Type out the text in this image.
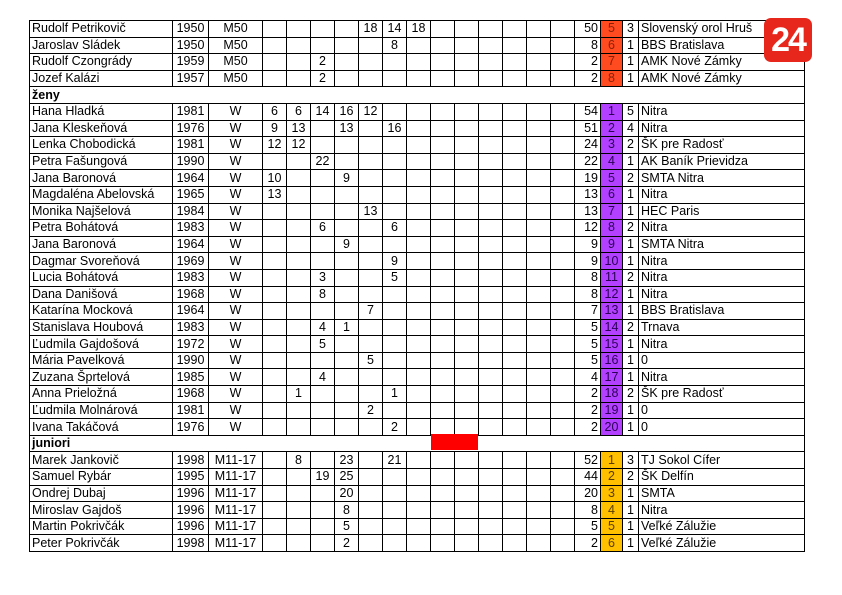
Rudolf Petrikovič	1950	M50					18	14	18							50	5	3	Slovenský orol Hruš
Jaroslav Sládek	1950	M50						8								8	6	1	BBS Bratislava
Rudolf Czongrády	1959	M50			2											2	7	1	AMK Nové Zámky
Jozef Kalázi	1957	M50			2											2	8	1	AMK Nové Zámky
ženy																			
Hana Hladká	1981	W	6	6	14	16	12									54	1	5	Nitra
Jana Kleskeňová	1976	W	9	13		13		16								51	2	4	Nitra
Lenka Chobodická	1981	W	12	12												24	3	2	ŠK pre Radosť
Petra Fašungová	1990	W			22											22	4	1	AK Baník Prievidza
Jana Baronová	1964	W	10			9										19	5	2	SMTA Nitra
Magdaléna Abelovská	1965	W	13													13	6	1	Nitra
Monika Najšelová	1984	W					13									13	7	1	HEC Paris
Petra Bohátová	1983	W			6			6								12	8	2	Nitra
Jana Baronová	1964	W				9										9	9	1	SMTA Nitra
Dagmar Svoreňová	1969	W						9								9	10	1	Nitra
Lucia Bohátová	1983	W			3			5								8	11	2	Nitra
Dana Danišová	1968	W			8											8	12	1	Nitra
Katarína Mocková	1964	W					7									7	13	1	BBS Bratislava
Stanislava Houbová	1983	W			4	1										5	14	2	Trnava
Ľudmila Gajdošová	1972	W			5											5	15	1	Nitra
Mária Pavelková	1990	W					5									5	16	1	0
Zuzana Šprtelová	1985	W			4											4	17	1	Nitra
Anna Prieložná	1968	W		1				1								2	18	2	ŠK pre Radosť
Ľudmila Molnárová	1981	W					2									2	19	1	0
Ivana Takáčová	1976	W						2								2	20	1	0
juniori																			
Marek Jankovič	1998	M11-17		8		23		21								52	1	3	TJ Sokol Cífer
Samuel Rybár	1995	M11-17			19	25										44	2	2	ŠK Delfín
Ondrej Dubaj	1996	M11-17				20										20	3	1	SMTA
Miroslav Gajdoš	1996	M11-17				8										8	4	1	Nitra
Martin Pokrivčák	1996	M11-17				5										5	5	1	Veľké Zálužie
Peter Pokrivčák	1998	M11-17				2										2	6	1	Veľké Zálužie
24
